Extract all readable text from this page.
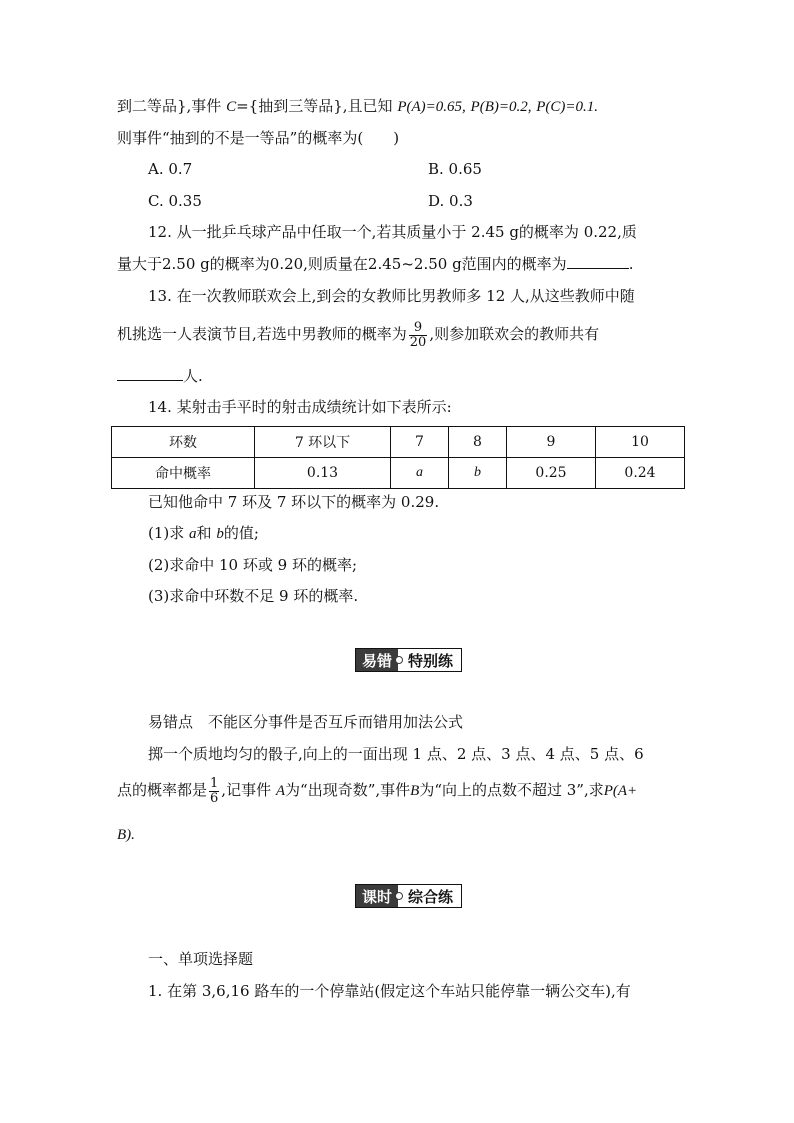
到二等品},事件 C={抽到三等品},且已知 P(A)=0.65, P(B)=0.2, P(C)=0.1.
则事件“抽到的不是一等品”的概率为(　　)
A. 0.7	B. 0.65
C. 0.35	D. 0.3
12. 从一批乒乓球产品中任取一个,若其质量小于 2.45 g的概率为 0.22,质
量大于2.50 g的概率为0.20,则质量在2.45~2.50 g范围内的概率为	.
13. 在一次教师联欢会上,到会的女教师比男教师多 12 人,从这些教师中随
机挑选一人表演节目,若选中男教师的概率为 $\frac{9}{20}$ ,则参加联欢会的教师共有
人.
14. 某射击手平时的射击成绩统计如下表所示:
环数	7 环以下	7	8	9	10
命中概率	0.13	a	b	0.25	0.24
已知他命中 7 环及 7 环以下的概率为 0.29.
(1)求 a和 b的值;
(2)求命中 10 环或 9 环的概率;
(3)求命中环数不足 9 环的概率.
易错	特别练
易错点　不能区分事件是否互斥而错用加法公式
掷一个质地均匀的骰子,向上的一面出现 1 点、2 点、3 点、4 点、5 点、6
点的概率都是 $\frac{1}{6}$ ,记事件 A为“出现奇数”,事件B为“向上的点数不超过 3”,求P(A+
B).
课时	综合练
一、单项选择题
1. 在第 3,6,16 路车的一个停靠站(假定这个车站只能停靠一辆公交车),有
